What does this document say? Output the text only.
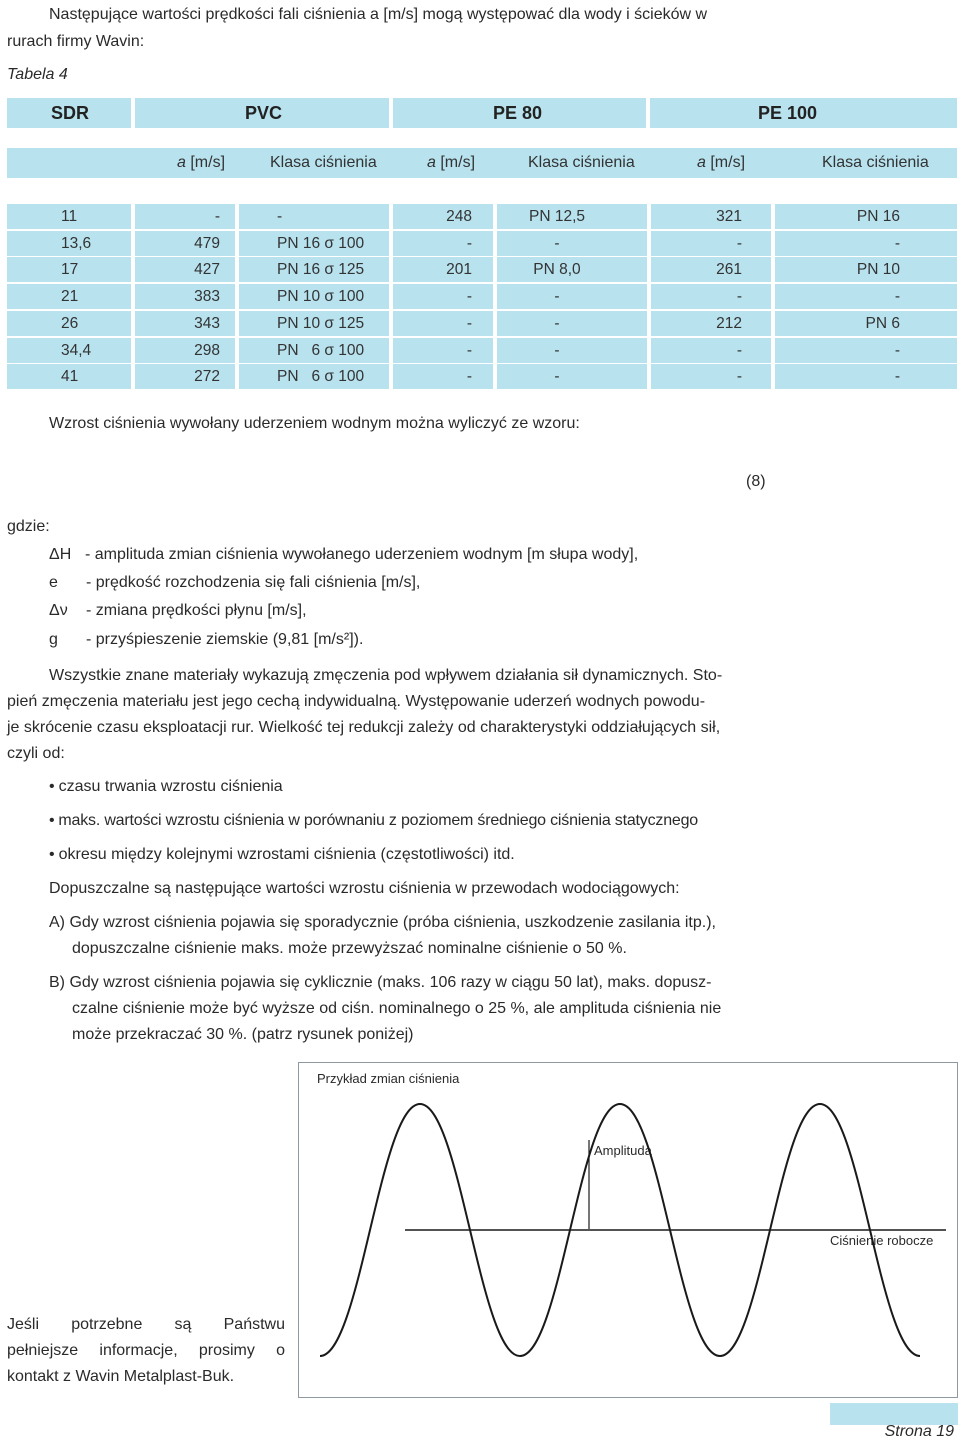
Następujące wartości prędkości fali ciśnienia a [m/s] mogą występować dla wody i ścieków w
rurach firmy Wavin:
Tabela 4
SDR	PVC	PE 80	PE 100
a [m/s]	Klasa ciśnienia	a [m/s]	Klasa ciśnienia	a [m/s]	Klasa ciśnienia
11	-	-	248	PN 12,5	321	PN 16
13,6	479	PN 16 σ 100	-	-	-	-
17	427	PN 16 σ 125	201	PN 8,0	261	PN 10
21	383	PN 10 σ 100	-	-	-	-
26	343	PN 10 σ 125	-	-	212	PN 6
34,4	298	PN   6 σ 100	-	-	-	-
41	272	PN   6 σ 100	-	-	-	-
Wzrost ciśnienia wywołany uderzeniem wodnym można wyliczyć ze wzoru:
(8)
gdzie:
ΔH - amplituda zmian ciśnienia wywołanego uderzeniem wodnym [m słupa wody],
e - prędkość rozchodzenia się fali ciśnienia [m/s],
Δν - zmiana prędkości płynu [m/s],
g - przyśpieszenie ziemskie (9,81 [m/s²]).
Wszystkie znane materiały wykazują zmęczenia pod wpływem działania sił dynamicznych. Sto-
pień zmęczenia materiału jest jego cechą indywidualną. Występowanie uderzeń wodnych powodu-
je skrócenie czasu eksploatacji rur. Wielkość tej redukcji zależy od charakterystyki oddziałujących sił,
czyli od:
• czasu trwania wzrostu ciśnienia
• maks. wartości wzrostu ciśnienia w porównaniu z poziomem średniego ciśnienia statycznego
• okresu między kolejnymi wzrostami ciśnienia (częstotliwości) itd.
Dopuszczalne są następujące wartości wzrostu ciśnienia w przewodach wodociągowych:
A) Gdy wzrost ciśnienia pojawia się sporadycznie (próba ciśnienia, uszkodzenie zasilania itp.),
dopuszczalne ciśnienie maks. może przewyższać nominalne ciśnienie o 50 %.
B) Gdy wzrost ciśnienia pojawia się cyklicznie (maks. 106 razy w ciągu 50 lat), maks. dopusz-
czalne ciśnienie może być wyższe od ciśn. nominalnego o 25 %, ale amplituda ciśnienia nie
może przekraczać 30 %. (patrz rysunek poniżej)
Przykład zmian ciśnienia
Amplituda
Ciśnienie robocze
Jeśli potrzebne są Państwu
pełniejsze informacje, prosimy o
kontakt z Wavin Metalplast-Buk.
Strona 19
